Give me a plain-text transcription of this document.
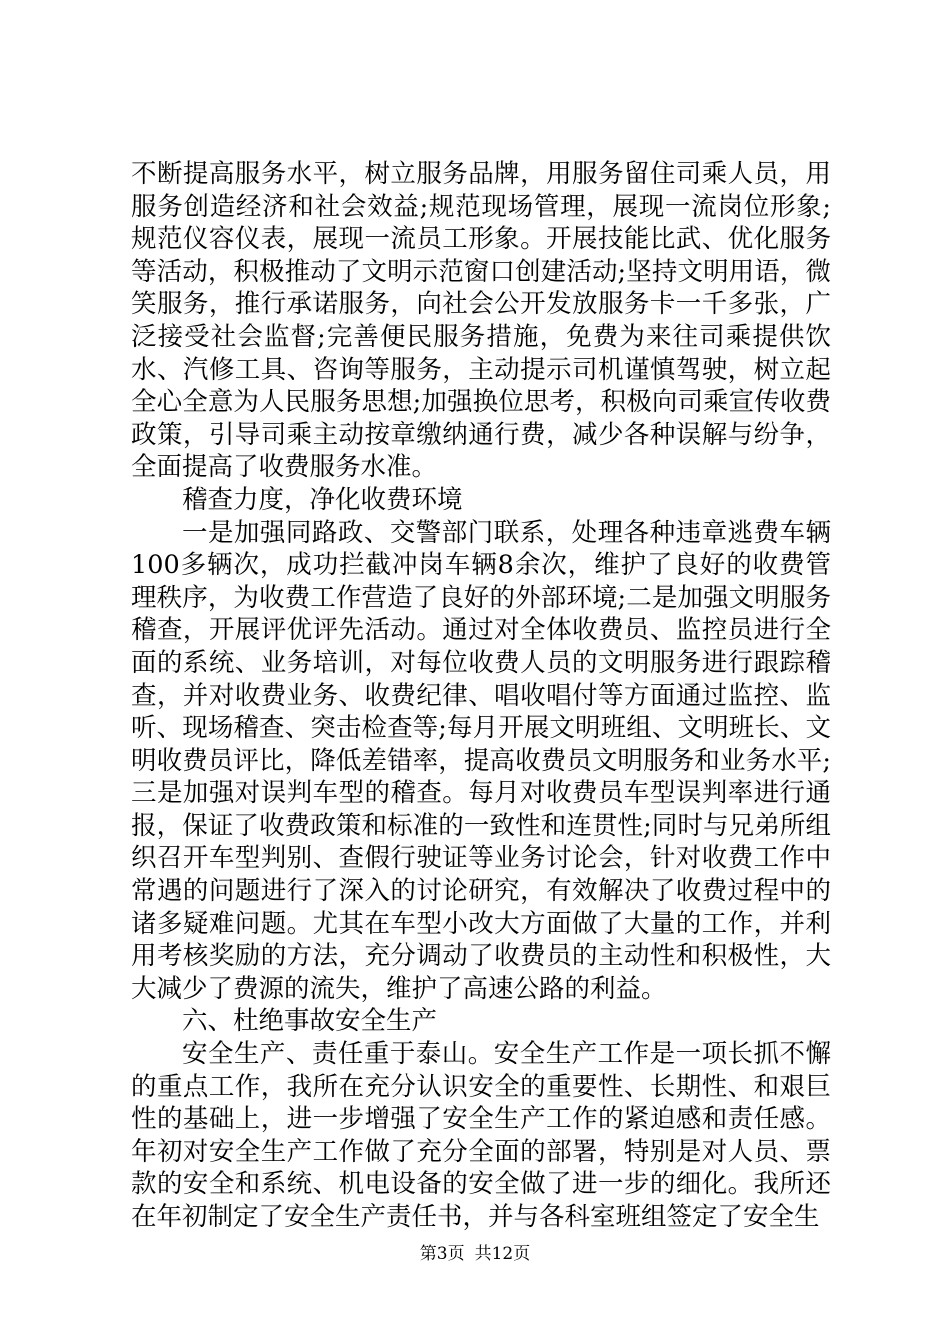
不断提高服务水平，树立服务品牌，用服务留住司乘人员，用服务创造经济和社会效益;规范现场管理，展现一流岗位形象;规范仪容仪表，展现一流员工形象。开展技能比武、优化服务等活动，积极推动了文明示范窗口创建活动;坚持文明用语，微笑服务，推行承诺服务，向社会公开发放服务卡一千多张，广泛接受社会监督;完善便民服务措施，免费为来往司乘提供饮水、汽修工具、咨询等服务，主动提示司机谨慎驾驶，树立起全心全意为人民服务思想;加强换位思考，积极向司乘宣传收费政策，引导司乘主动按章缴纳通行费，减少各种误解与纷争，全面提高了收费服务水准。

稽查力度，净化收费环境

一是加强同路政、交警部门联系，处理各种违章逃费车辆100多辆次，成功拦截冲岗车辆8余次，维护了良好的收费管理秩序，为收费工作营造了良好的外部环境;二是加强文明服务稽查，开展评优评先活动。通过对全体收费员、监控员进行全面的系统、业务培训，对每位收费人员的文明服务进行跟踪稽查，并对收费业务、收费纪律、唱收唱付等方面通过监控、监听、现场稽查、突击检查等;每月开展文明班组、文明班长、文明收费员评比，降低差错率，提高收费员文明服务和业务水平;三是加强对误判车型的稽查。每月对收费员车型误判率进行通报，保证了收费政策和标准的一致性和连贯性;同时与兄弟所组织召开车型判别、查假行驶证等业务讨论会，针对收费工作中常遇的问题进行了深入的讨论研究，有效解决了收费过程中的诸多疑难问题。尤其在车型小改大方面做了大量的工作，并利用考核奖励的方法，充分调动了收费员的主动性和积极性，大大减少了费源的流失，维护了高速公路的利益。

六、杜绝事故安全生产

安全生产、责任重于泰山。安全生产工作是一项长抓不懈的重点工作，我所在充分认识安全的重要性、长期性、和艰巨性的基础上，进一步增强了安全生产工作的紧迫感和责任感。年初对安全生产工作做了充分全面的部署，特别是对人员、票款的安全和系统、机电设备的安全做了进一步的细化。我所还在年初制定了安全生产责任书，并与各科室班组签定了安全生

第3页 共12页
